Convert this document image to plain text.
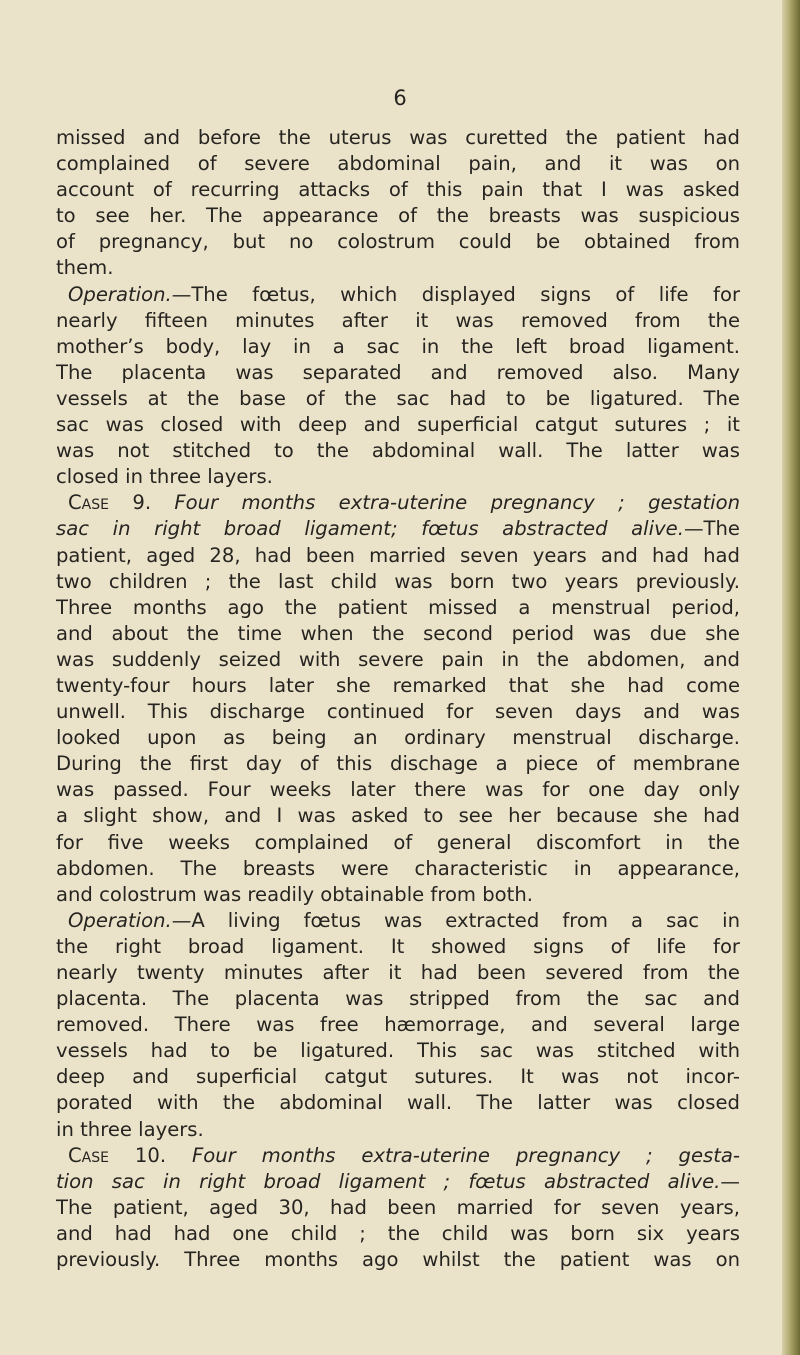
6
missed and before the uterus was curetted the patient had
complained of severe abdominal pain, and it was on
account of recurring attacks of this pain that I was asked
to see her. The appearance of the breasts was suspicious
of pregnancy, but no colostrum could be obtained from
them.
Operation.—The fœtus, which displayed signs of life for
nearly fifteen minutes after it was removed from the
mother’s body, lay in a sac in the left broad ligament.
The placenta was separated and removed also. Many
vessels at the base of the sac had to be ligatured. The
sac was closed with deep and superficial catgut sutures ; it
was not stitched to the abdominal wall. The latter was
closed in three layers.
Case 9. Four months extra-uterine pregnancy ; gestation
sac in right broad ligament; fœtus abstracted alive.—The
patient, aged 28, had been married seven years and had had
two children ; the last child was born two years previously.
Three months ago the patient missed a menstrual period,
and about the time when the second period was due she
was suddenly seized with severe pain in the abdomen, and
twenty-four hours later she remarked that she had come
unwell. This discharge continued for seven days and was
looked upon as being an ordinary menstrual discharge.
During the first day of this dischage a piece of membrane
was passed. Four weeks later there was for one day only
a slight show, and I was asked to see her because she had
for five weeks complained of general discomfort in the
abdomen. The breasts were characteristic in appearance,
and colostrum was readily obtainable from both.
Operation.—A living fœtus was extracted from a sac in
the right broad ligament. It showed signs of life for
nearly twenty minutes after it had been severed from the
placenta. The placenta was stripped from the sac and
removed. There was free hæmorrage, and several large
vessels had to be ligatured. This sac was stitched with
deep and superficial catgut sutures. It was not incor-
porated with the abdominal wall. The latter was closed
in three layers.
Case 10. Four months extra-uterine pregnancy ; gesta-
tion sac in right broad ligament ; fœtus abstracted alive.—
The patient, aged 30, had been married for seven years,
and had had one child ; the child was born six years
previously. Three months ago whilst the patient was on
